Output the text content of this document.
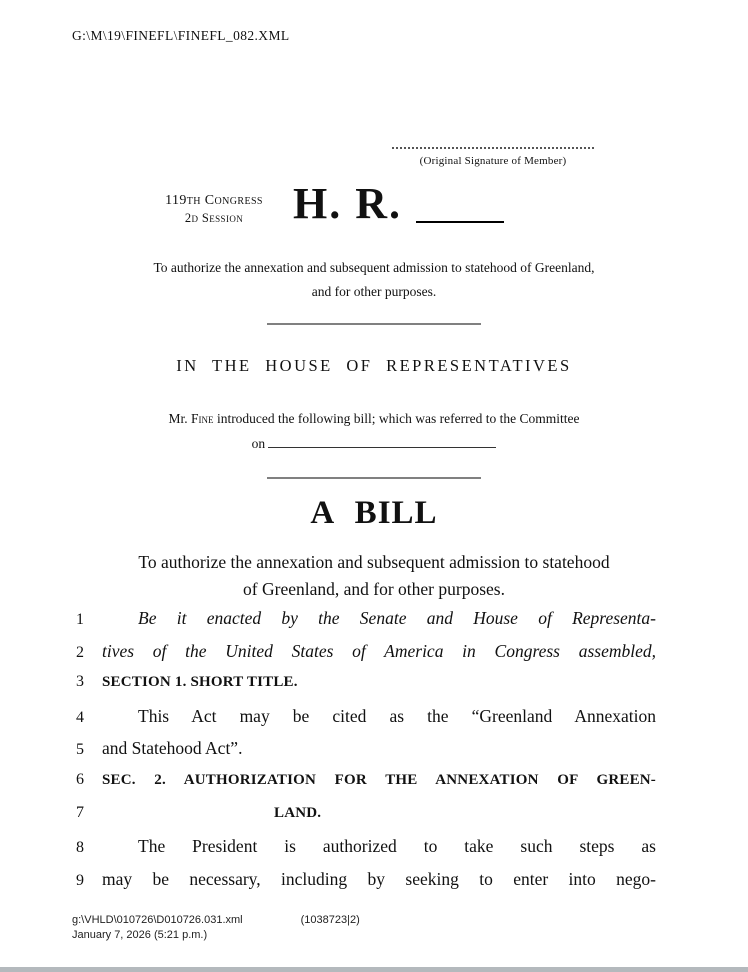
G:\M\19\FINEFL\FINEFL_082.XML
(Original Signature of Member)
119th Congress
2d Session	H. R.
To authorize the annexation and subsequent admission to statehood of Greenland, and for other purposes.
IN THE HOUSE OF REPRESENTATIVES
Mr. Fine introduced the following bill; which was referred to the Committee
on
A BILL
To authorize the annexation and subsequent admission to statehood of Greenland, and for other purposes.
1	Be it enacted by the Senate and House of Representa-
2	tives of the United States of America in Congress assembled,
3	SECTION 1. SHORT TITLE.
4	This Act may be cited as the “Greenland Annexation
5	and Statehood Act”.
6	SEC. 2. AUTHORIZATION FOR THE ANNEXATION OF GREEN-
7	LAND.
8	The President is authorized to take such steps as
9	may be necessary, including by seeking to enter into nego-
g:\VHLD\010726\D010726.031.xml	(1038723|2)
January 7, 2026 (5:21 p.m.)
